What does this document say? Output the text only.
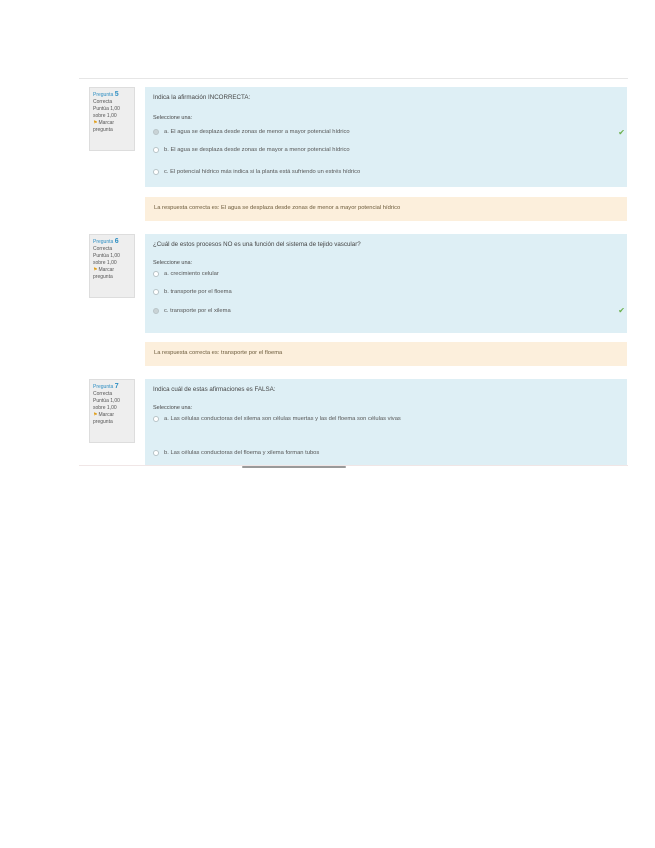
Pregunta 5
Correcta
Puntúa 1,00 sobre 1,00
⚑Marcar pregunta
Indica la afirmación INCORRECTA:
Seleccione una:
a. El agua se desplaza desde zonas de menor a mayor potencial hídrico	✔
b. El agua se desplaza desde zonas de mayor a menor potencial hídrico
c. El potencial hídrico más indica si la planta está sufriendo un estrés hídrico
La respuesta correcta es: El agua se desplaza desde zonas de menor a mayor potencial hídrico
Pregunta 6
Correcta
Puntúa 1,00 sobre 1,00
⚑Marcar pregunta
¿Cuál de estos procesos NO es una función del sistema de tejido vascular?
Seleccione una:
a. crecimiento celular
b. transporte por el floema
c. transporte por el xilema	✔
La respuesta correcta es: transporte por el floema
Pregunta 7
Correcta
Puntúa 1,00 sobre 1,00
⚑Marcar pregunta
Indica cuál de estas afirmaciones es FALSA:
Seleccione una:
a. Las células conductoras del xilema son células muertas y las del floema son células vivas
b. Las células conductoras del floema y xilema forman tubos
